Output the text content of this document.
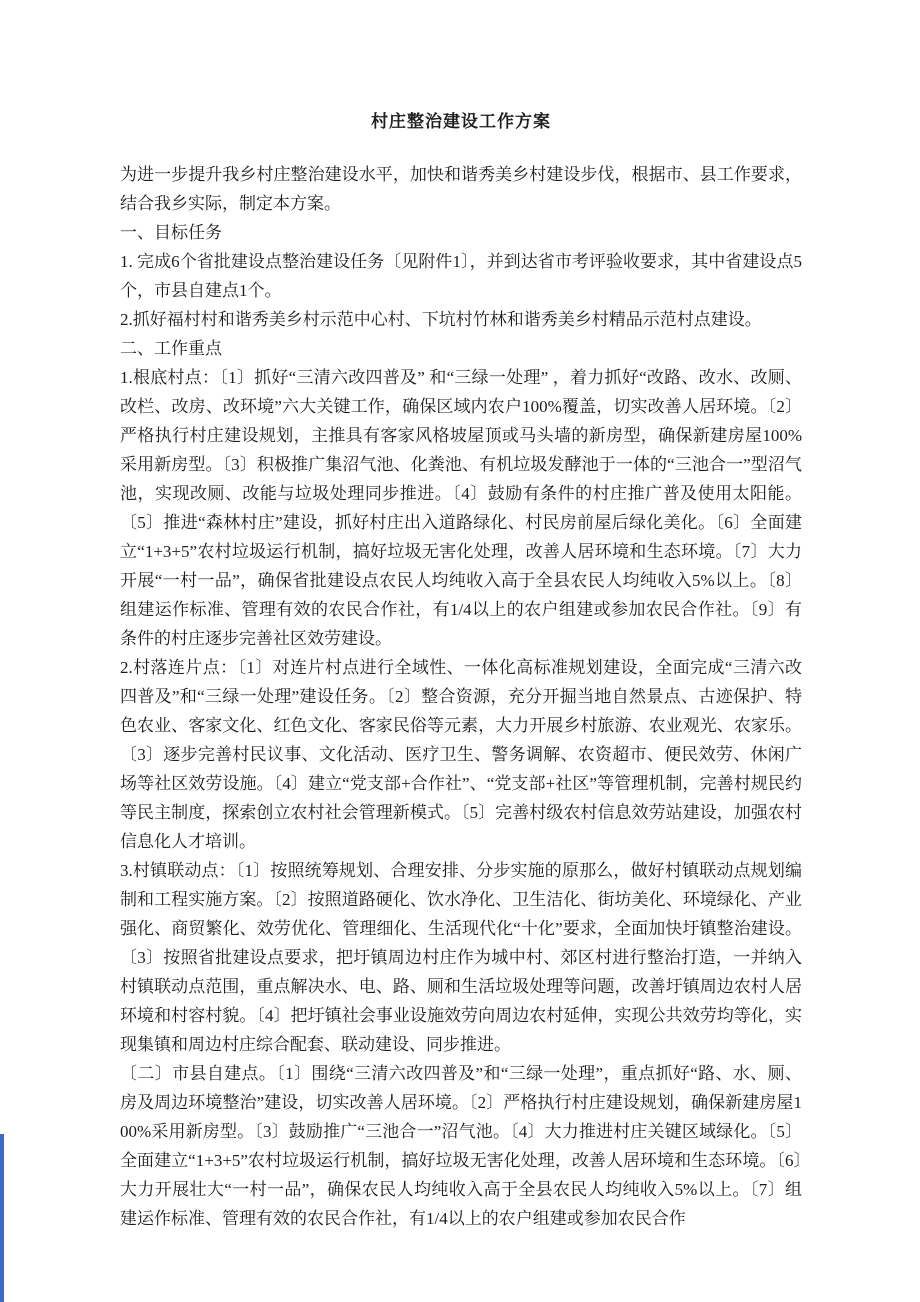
村庄整治建设工作方案

为进一步提升我乡村庄整治建设水平，加快和谐秀美乡村建设步伐，根据市、县工作要求，结合我乡实际，制定本方案。

一、目标任务

1. 完成6个省批建设点整治建设任务〔见附件1〕，并到达省市考评验收要求，其中省建设点5个，市县自建点1个。

2.抓好福村村和谐秀美乡村示范中心村、下坑村竹林和谐秀美乡村精品示范村点建设。

二、工作重点

1.根底村点：〔1〕抓好“三清六改四普及” 和“三绿一处理” ，着力抓好“改路、改水、改厕、改栏、改房、改环境”六大关键工作，确保区域内农户100%覆盖，切实改善人居环境。〔2〕严格执行村庄建设规划，主推具有客家风格坡屋顶或马头墙的新房型，确保新建房屋100%采用新房型。〔3〕积极推广集沼气池、化粪池、有机垃圾发酵池于一体的“三池合一”型沼气池，实现改厕、改能与垃圾处理同步推进。〔4〕鼓励有条件的村庄推广普及使用太阳能。〔5〕推进“森林村庄”建设，抓好村庄出入道路绿化、村民房前屋后绿化美化。〔6〕全面建立“1+3+5”农村垃圾运行机制，搞好垃圾无害化处理，改善人居环境和生态环境。〔7〕大力开展“一村一品”，确保省批建设点农民人均纯收入高于全县农民人均纯收入5%以上。〔8〕组建运作标准、管理有效的农民合作社，有1/4以上的农户组建或参加农民合作社。〔9〕有条件的村庄逐步完善社区效劳建设。

2.村落连片点：〔1〕对连片村点进行全域性、一体化高标准规划建设，全面完成“三清六改四普及”和“三绿一处理”建设任务。〔2〕整合资源，充分开掘当地自然景点、古迹保护、特色农业、客家文化、红色文化、客家民俗等元素，大力开展乡村旅游、农业观光、农家乐。〔3〕逐步完善村民议事、文化活动、医疗卫生、警务调解、农资超市、便民效劳、休闲广场等社区效劳设施。〔4〕建立“党支部+合作社”、“党支部+社区”等管理机制，完善村规民约等民主制度，探索创立农村社会管理新模式。〔5〕完善村级农村信息效劳站建设，加强农村信息化人才培训。

3.村镇联动点：〔1〕按照统筹规划、合理安排、分步实施的原那么，做好村镇联动点规划编制和工程实施方案。〔2〕按照道路硬化、饮水净化、卫生洁化、街坊美化、环境绿化、产业强化、商贸繁化、效劳优化、管理细化、生活现代化“十化”要求，全面加快圩镇整治建设。〔3〕按照省批建设点要求，把圩镇周边村庄作为城中村、郊区村进行整治打造，一并纳入村镇联动点范围，重点解决水、电、路、厕和生活垃圾处理等问题，改善圩镇周边农村人居环境和村容村貌。〔4〕把圩镇社会事业设施效劳向周边农村延伸，实现公共效劳均等化，实现集镇和周边村庄综合配套、联动建设、同步推进。

〔二〕市县自建点。〔1〕围绕“三清六改四普及”和“三绿一处理”，重点抓好“路、水、厕、房及周边环境整治”建设，切实改善人居环境。〔2〕严格执行村庄建设规划，确保新建房屋100%采用新房型。〔3〕鼓励推广“三池合一”沼气池。〔4〕大力推进村庄关键区域绿化。〔5〕全面建立“1+3+5”农村垃圾运行机制，搞好垃圾无害化处理，改善人居环境和生态环境。〔6〕大力开展壮大“一村一品”，确保农民人均纯收入高于全县农民人均纯收入5%以上。〔7〕组建运作标准、管理有效的农民合作社，有1/4以上的农户组建或参加农民合作
